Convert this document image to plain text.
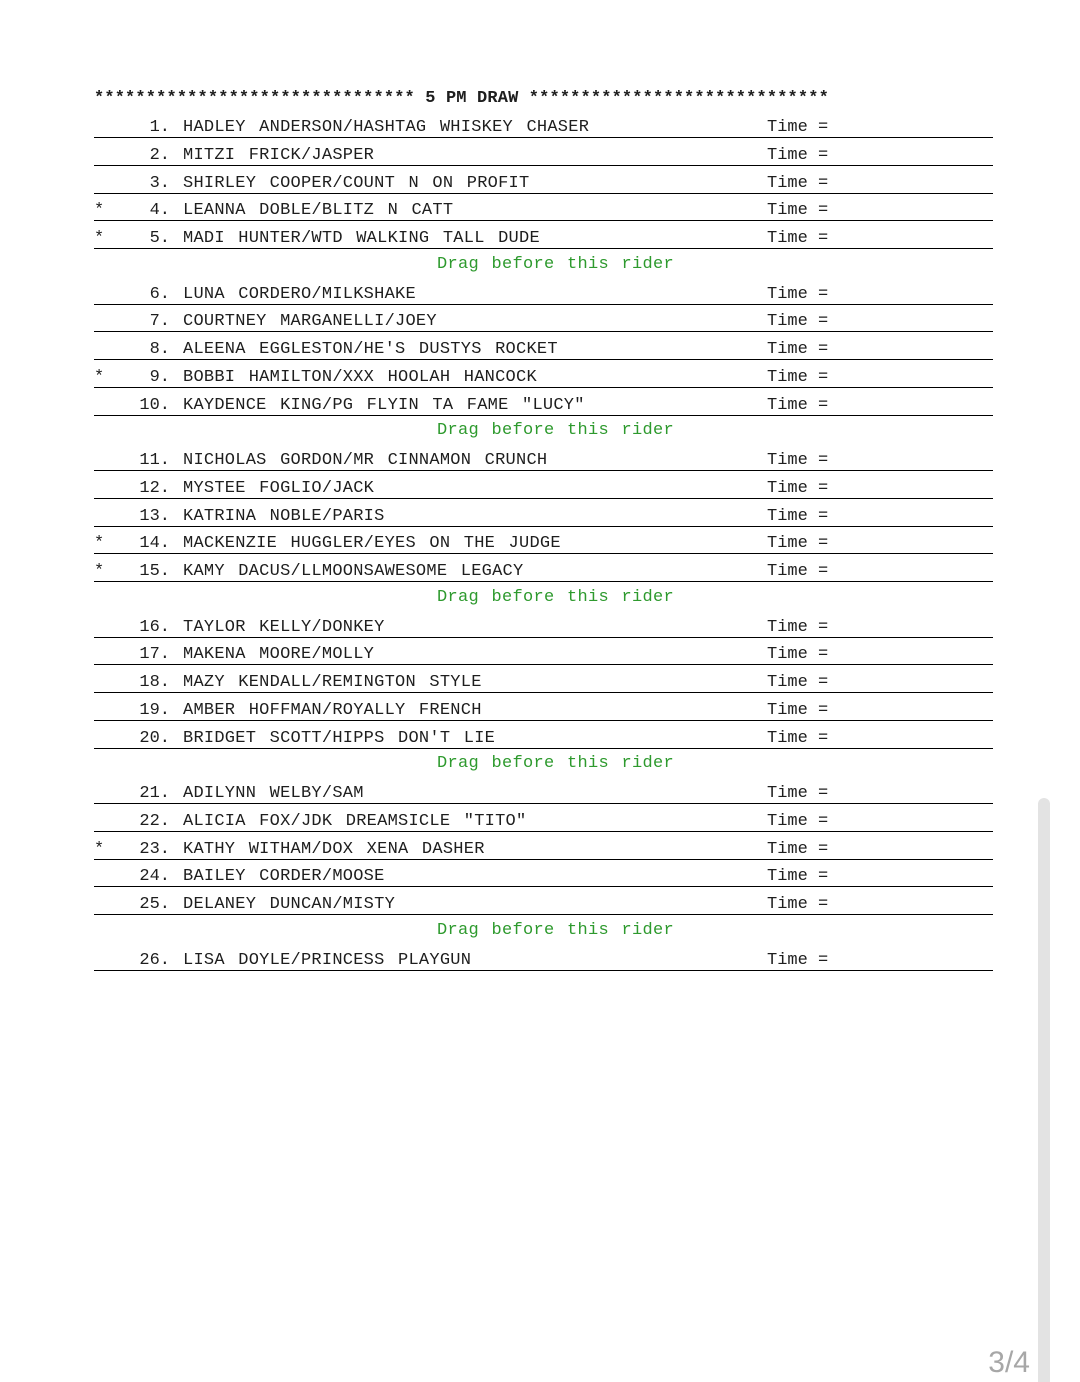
******************************* 5 PM DRAW *****************************
1. HADLEY ANDERSON/HASHTAG WHISKEY CHASER	Time =
2. MITZI FRICK/JASPER	Time =
3. SHIRLEY COOPER/COUNT N ON PROFIT	Time =
*	4. LEANNA DOBLE/BLITZ N CATT	Time =
*	5. MADI HUNTER/WTD WALKING TALL DUDE	Time =
Drag before this rider
6. LUNA CORDERO/MILKSHAKE	Time =
7. COURTNEY MARGANELLI/JOEY	Time =
8. ALEENA EGGLESTON/HE'S DUSTYS ROCKET	Time =
*	9. BOBBI HAMILTON/XXX HOOLAH HANCOCK	Time =
10. KAYDENCE KING/PG FLYIN TA FAME "LUCY"	Time =
Drag before this rider
11. NICHOLAS GORDON/MR CINNAMON CRUNCH	Time =
12. MYSTEE FOGLIO/JACK	Time =
13. KATRINA NOBLE/PARIS	Time =
*	14. MACKENZIE HUGGLER/EYES ON THE JUDGE	Time =
*	15. KAMY DACUS/LLMOONSAWESOME LEGACY	Time =
Drag before this rider
16. TAYLOR KELLY/DONKEY	Time =
17. MAKENA MOORE/MOLLY	Time =
18. MAZY KENDALL/REMINGTON STYLE	Time =
19. AMBER HOFFMAN/ROYALLY FRENCH	Time =
20. BRIDGET SCOTT/HIPPS DON'T LIE	Time =
Drag before this rider
21. ADILYNN WELBY/SAM	Time =
22. ALICIA FOX/JDK DREAMSICLE "TITO"	Time =
*	23. KATHY WITHAM/DOX XENA DASHER	Time =
24. BAILEY CORDER/MOOSE	Time =
25. DELANEY DUNCAN/MISTY	Time =
Drag before this rider
26. LISA DOYLE/PRINCESS PLAYGUN	Time =
3/4
